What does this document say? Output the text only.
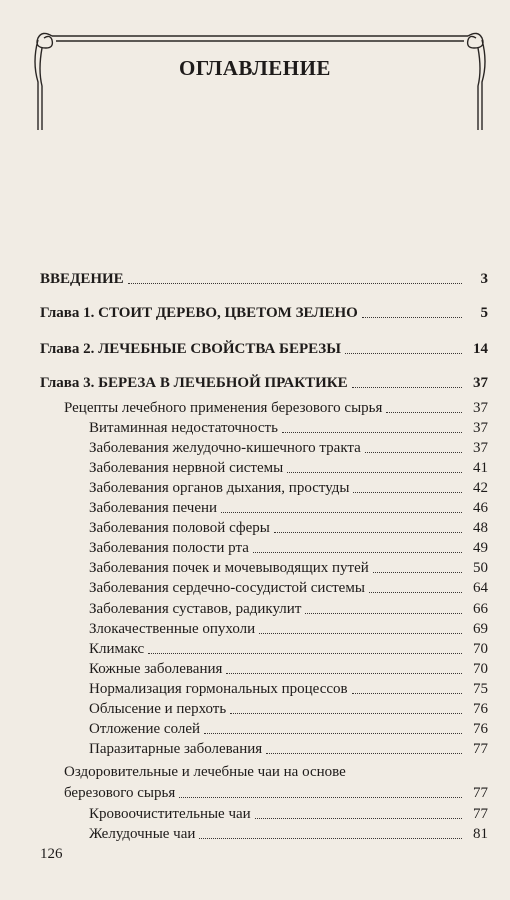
ОГЛАВЛЕНИЕ
ВВЕДЕНИЕ	3
Глава 1. СТОИТ ДЕРЕВО, ЦВЕТОМ ЗЕЛЕНО	5
Глава 2. ЛЕЧЕБНЫЕ СВОЙСТВА БЕРЕЗЫ	14
Глава 3. БЕРЕЗА В ЛЕЧЕБНОЙ ПРАКТИКЕ	37
Рецепты лечебного применения березового сырья	37
Витаминная недостаточность	37
Заболевания желудочно-кишечного тракта	37
Заболевания нервной системы	41
Заболевания органов дыхания, простуды	42
Заболевания печени	46
Заболевания половой сферы	48
Заболевания полости рта	49
Заболевания почек и мочевыводящих путей	50
Заболевания сердечно-сосудистой системы	64
Заболевания суставов, радикулит	66
Злокачественные опухоли	69
Климакс	70
Кожные заболевания	70
Нормализация гормональных процессов	75
Облысение и перхоть	76
Отложение солей	76
Паразитарные заболевания	77
Оздоровительные и лечебные чаи на основе
березового сырья	77
Кровоочистительные чаи	77
Желудочные чаи	81
126
